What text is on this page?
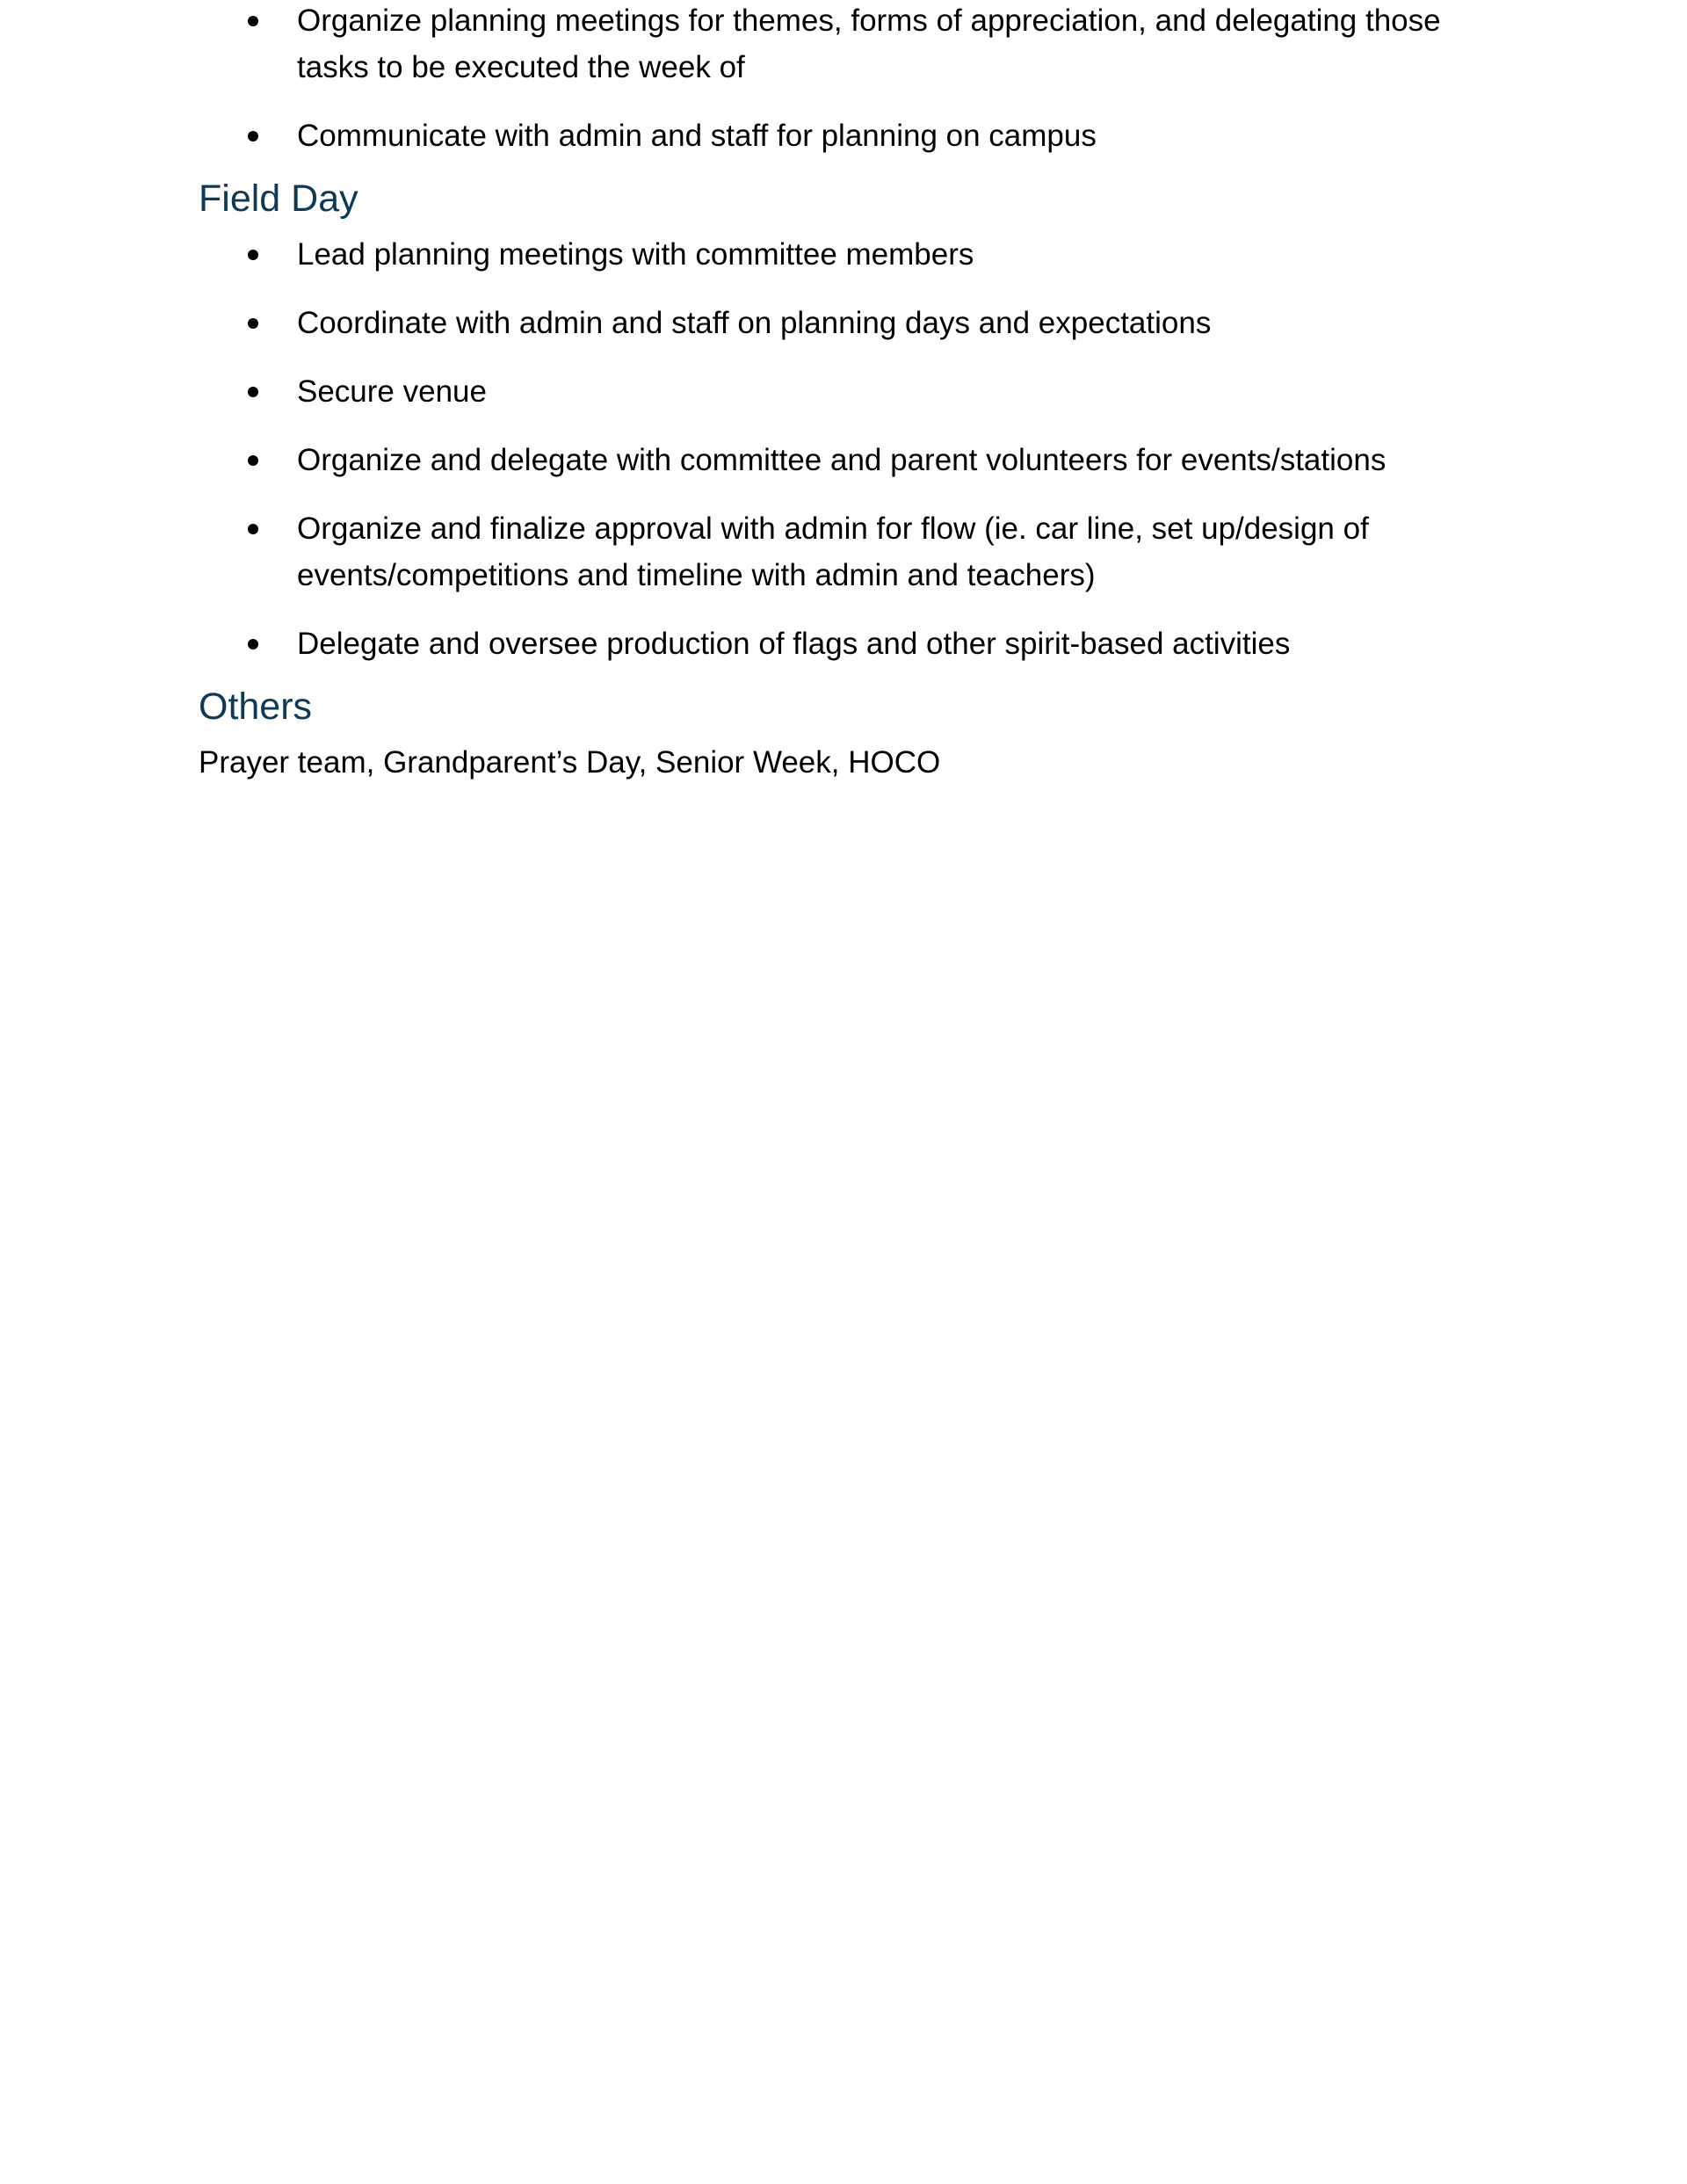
Organize planning meetings for themes, forms of appreciation, and delegating those tasks to be executed the week of
Communicate with admin and staff for planning on campus
Field Day
Lead planning meetings with committee members
Coordinate with admin and staff on planning days and expectations
Secure venue
Organize and delegate with committee and parent volunteers for events/stations
Organize and finalize approval with admin for flow (ie. car line, set up/design of events/competitions and timeline with admin and teachers)
Delegate and oversee production of flags and other spirit-based activities
Others

Prayer team, Grandparent’s Day, Senior Week, HOCO
